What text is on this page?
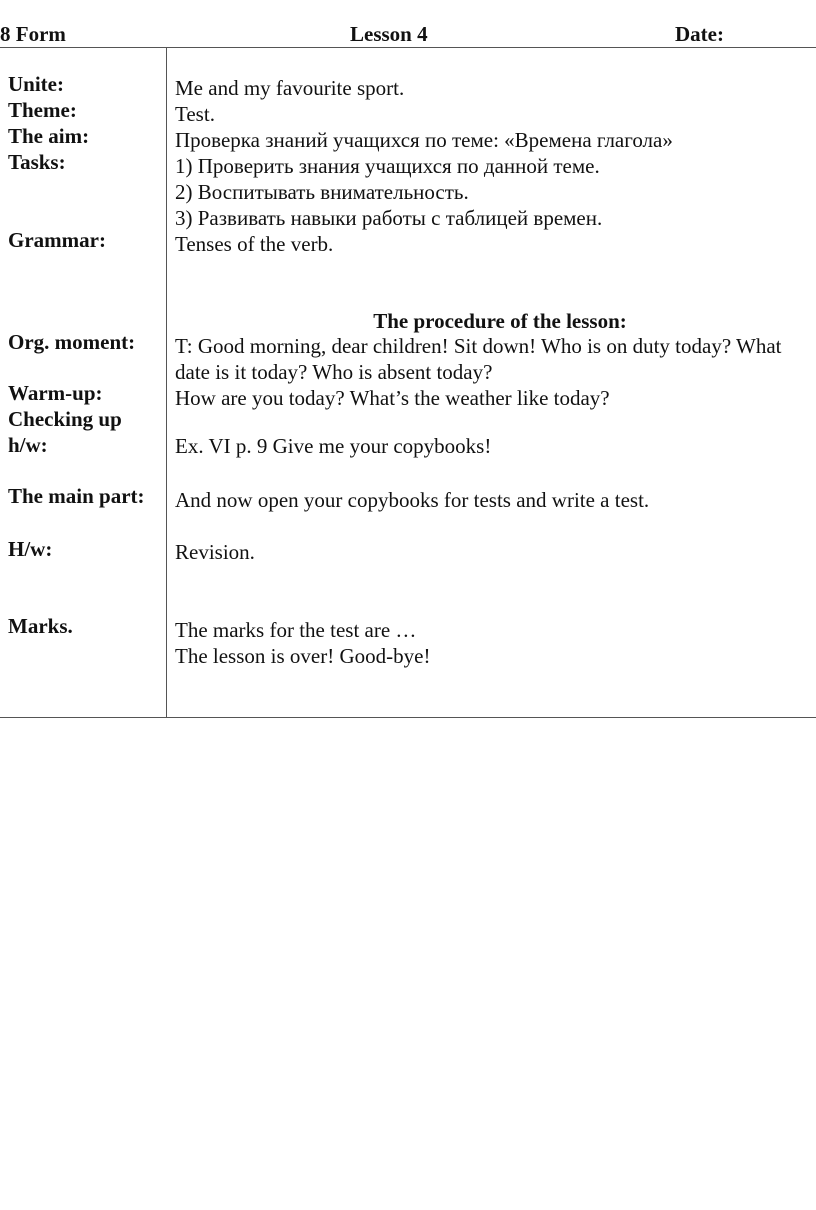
8 Form	Lesson 4	Date:
Unite:
Theme:
The aim:
Tasks:
Grammar:
Org. moment:
Warm-up:
Checking up
h/w:
The main part:
H/w:
Marks.
Me and my favourite sport.
Test.
Проверка знаний учащихся по теме: «Времена глагола»
1) Проверить знания учащихся по данной теме.
2) Воспитывать внимательность.
3) Развивать навыки работы с таблицей времен.
Tenses of the verb.
The procedure of the lesson:
T: Good morning, dear children! Sit down! Who is on duty today? What
date is it today? Who is absent today?
How are you today? What’s the weather like today?
Ex. VI p. 9 Give me your copybooks!
And now open your copybooks for tests and write a test.
Revision.
The marks for the test are …
The lesson is over! Good-bye!
